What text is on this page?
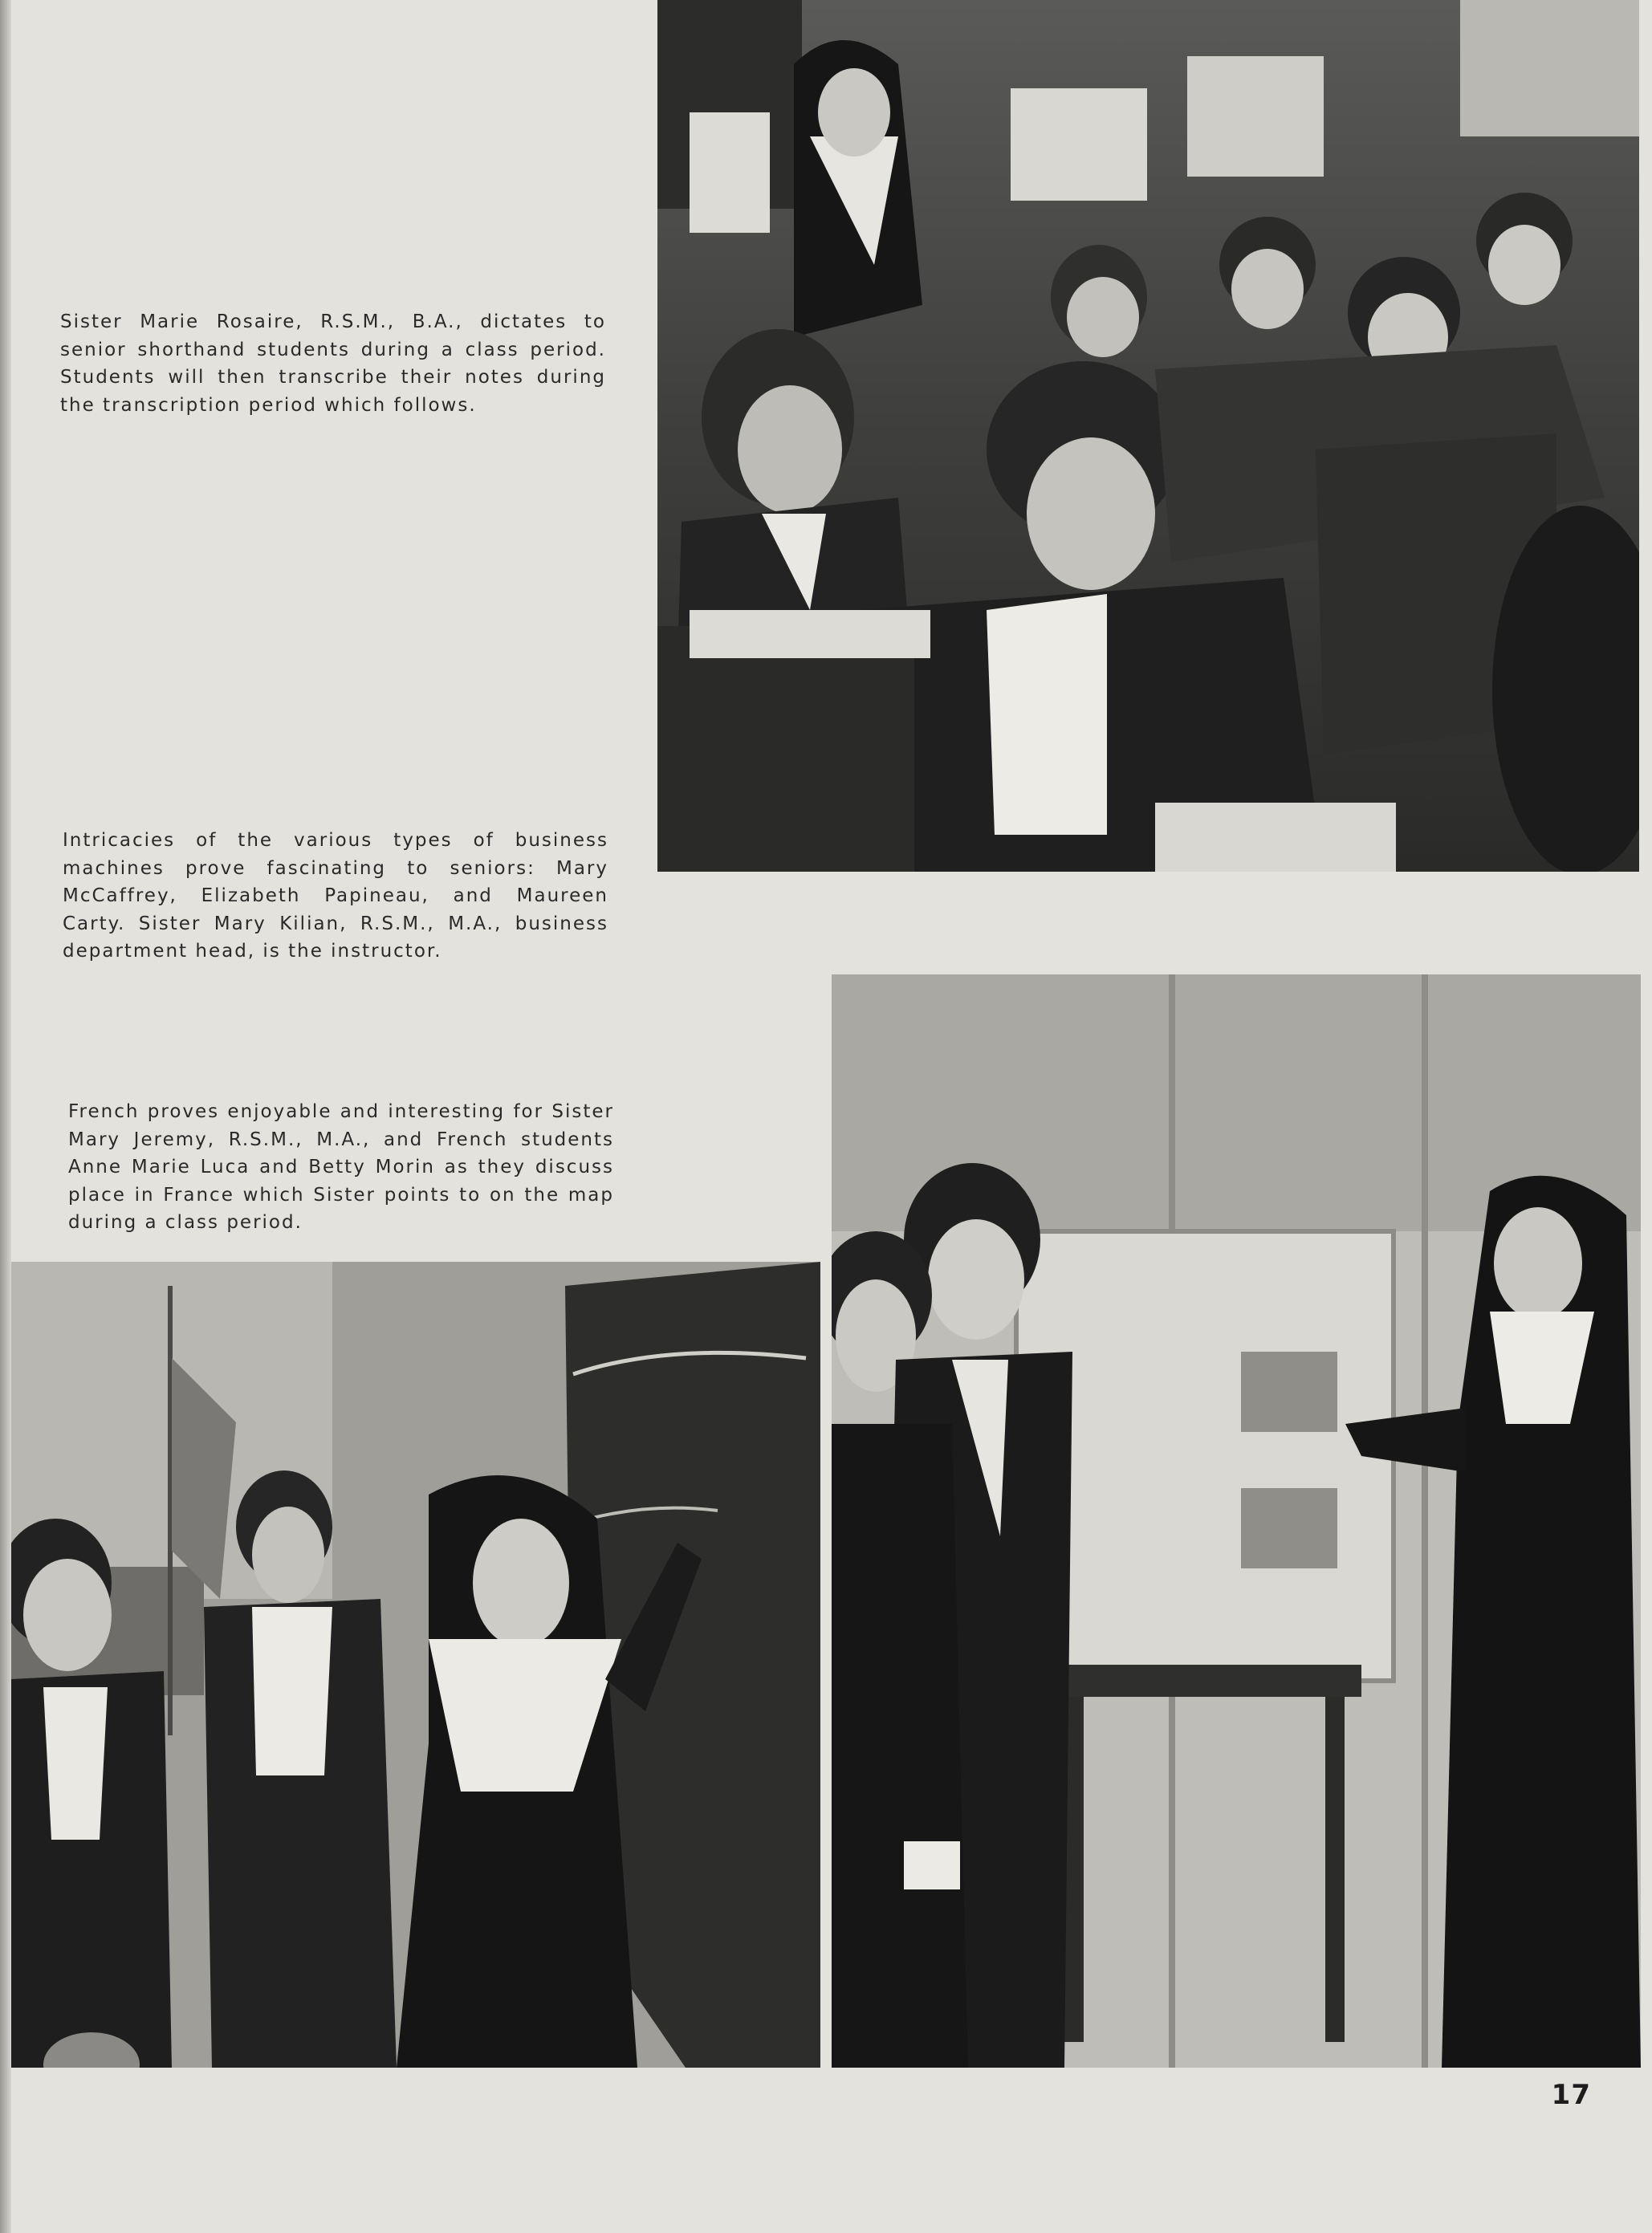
Sister Marie Rosaire, R.S.M., B.A., dictates to senior shorthand students during a class period. Students will then transcribe their notes during the transcription period which follows.

Intricacies of the various types of business machines prove fascinating to seniors: Mary McCaffrey, Elizabeth Papineau, and Maureen Carty. Sister Mary Kilian, R.S.M., M.A., business department head, is the instructor.

French proves enjoyable and interesting for Sister Mary Jeremy, R.S.M., M.A., and French students Anne Marie Luca and Betty Morin as they discuss place in France which Sister points to on the map during a class period.

17
